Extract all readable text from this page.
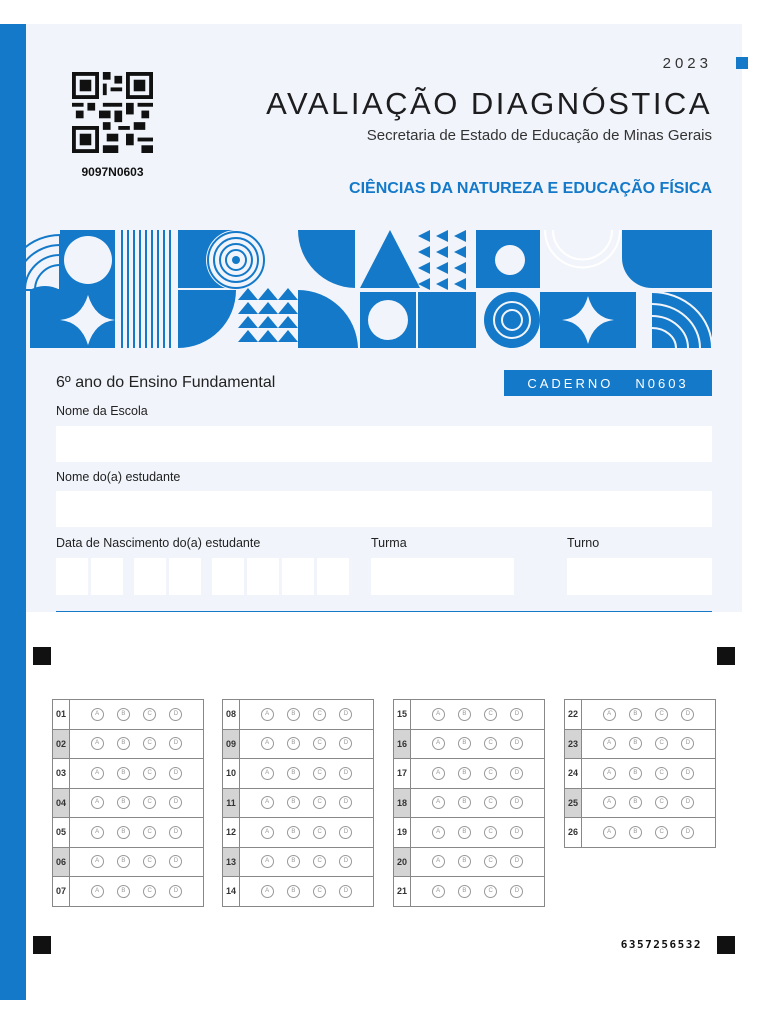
2023
9097N0603
AVALIAÇÃO DIAGNÓSTICA
Secretaria de Estado de Educação de Minas Gerais
CIÊNCIAS DA NATUREZA E EDUCAÇÃO FÍSICA
6º ano do Ensino Fundamental	CADERNO N0603
Nome da Escola
Nome do(a) estudante
Data de Nascimento do(a) estudante	Turma	Turno
01	A B C D

02	A B C D

03	A B C D

04	A B C D

05	A B C D

06	A B C D

07	A B C D
08	A B C D

09	A B C D

10	A B C D

11	A B C D

12	A B C D

13	A B C D

14	A B C D
15	A B C D

16	A B C D

17	A B C D

18	A B C D

19	A B C D

20	A B C D

21	A B C D
22	A B C D

23	A B C D

24	A B C D

25	A B C D

26	A B C D
6357256532
